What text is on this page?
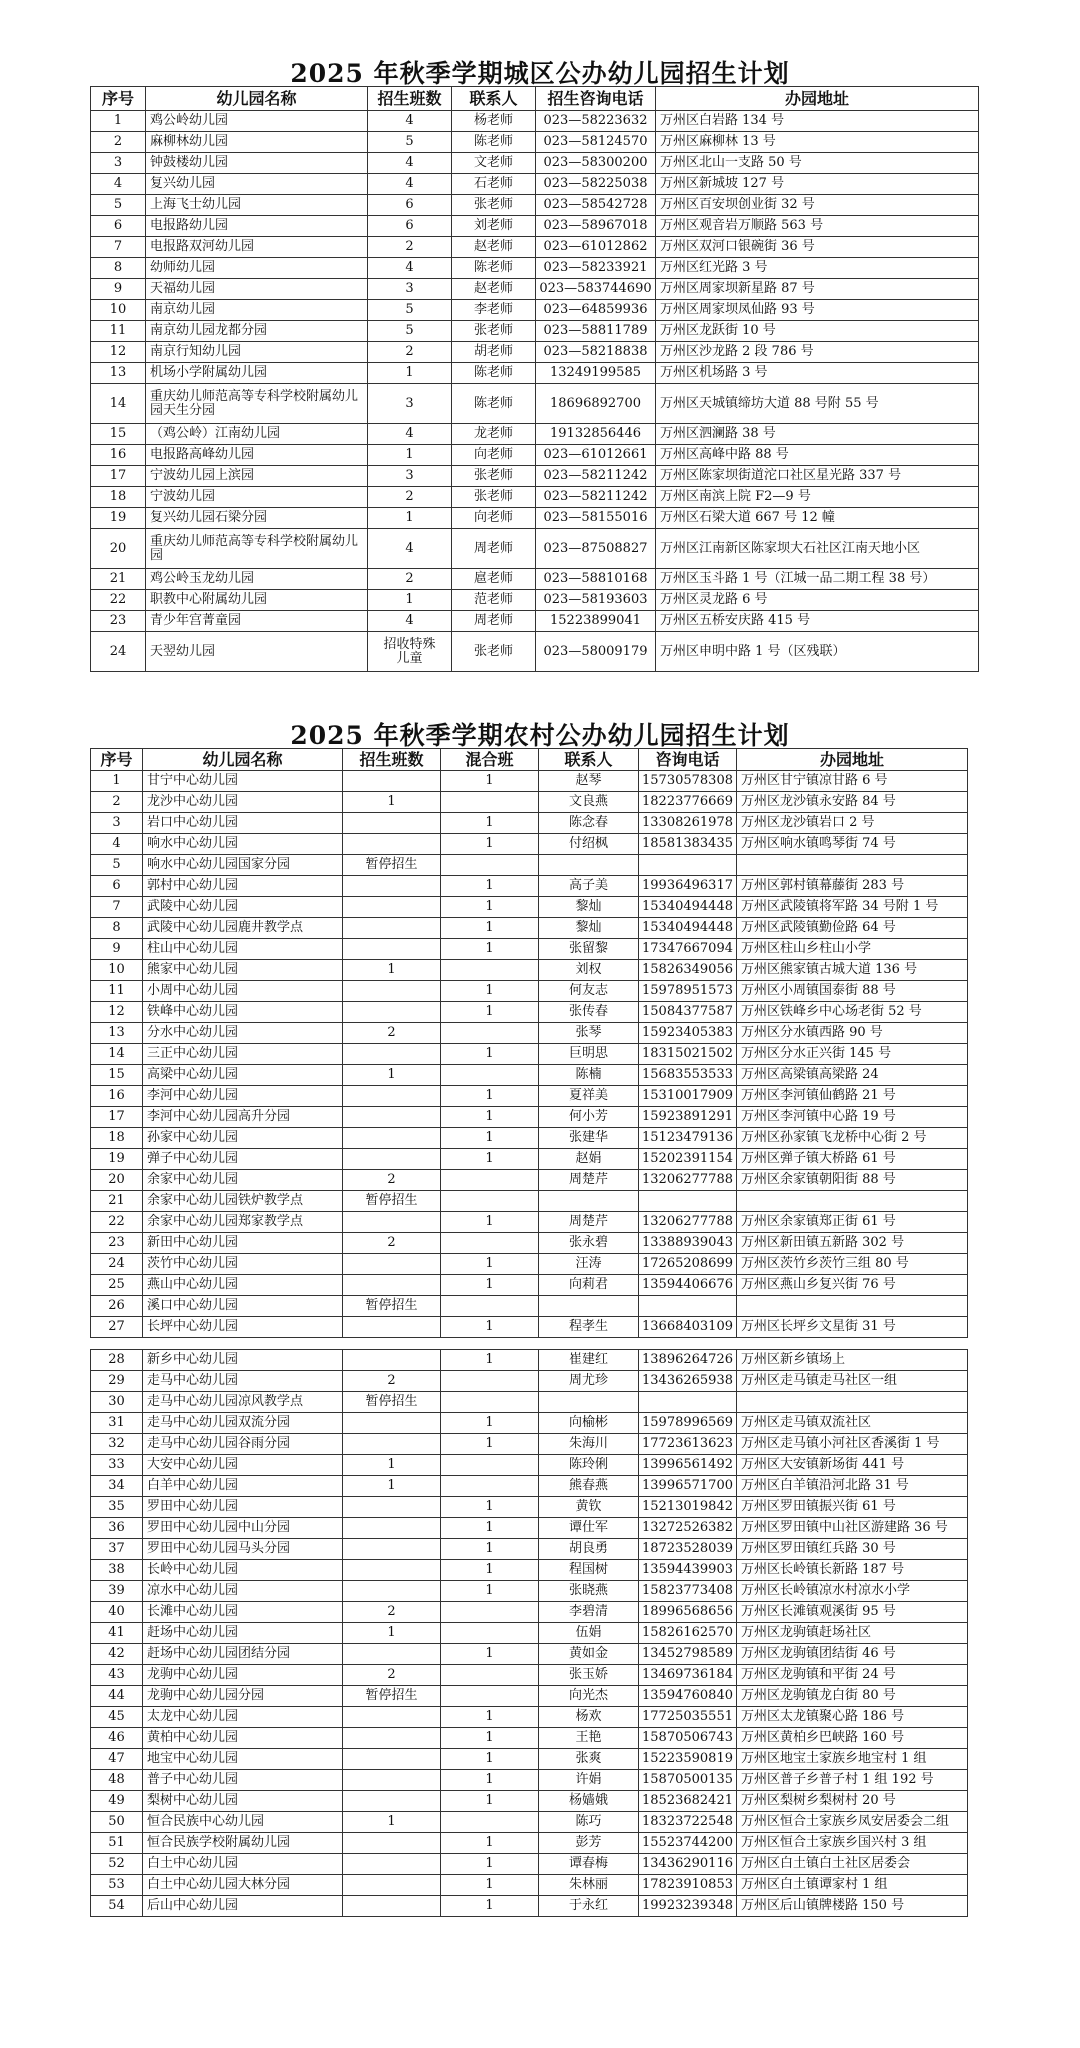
2025 年秋季学期城区公办幼儿园招生计划
序号	幼儿园名称	招生班数	联系人	招生咨询电话	办园地址
1	鸡公岭幼儿园	4	杨老师	023—58223632	万州区白岩路 134 号
2	麻柳林幼儿园	5	陈老师	023—58124570	万州区麻柳林 13 号
3	钟鼓楼幼儿园	4	文老师	023—58300200	万州区北山一支路 50 号
4	复兴幼儿园	4	石老师	023—58225038	万州区新城坡 127 号
5	上海飞士幼儿园	6	张老师	023—58542728	万州区百安坝创业街 32 号
6	电报路幼儿园	6	刘老师	023—58967018	万州区观音岩万顺路 563 号
7	电报路双河幼儿园	2	赵老师	023—61012862	万州区双河口银碗街 36 号
8	幼师幼儿园	4	陈老师	023—58233921	万州区红光路 3 号
9	天福幼儿园	3	赵老师	023—583744690	万州区周家坝新星路 87 号
10	南京幼儿园	5	李老师	023—64859936	万州区周家坝凤仙路 93 号
11	南京幼儿园龙都分园	5	张老师	023—58811789	万州区龙跃街 10 号
12	南京行知幼儿园	2	胡老师	023—58218838	万州区沙龙路 2 段 786 号
13	机场小学附属幼儿园	1	陈老师	13249199585	万州区机场路 3 号
14	重庆幼儿师范高等专科学校附属幼儿园天生分园	3	陈老师	18696892700	万州区天城镇缔坊大道 88 号附 55 号
15	（鸡公岭）江南幼儿园	4	龙老师	19132856446	万州区泗澜路 38 号
16	电报路高峰幼儿园	1	向老师	023—61012661	万州区高峰中路 88 号
17	宁波幼儿园上滨园	3	张老师	023—58211242	万州区陈家坝街道沱口社区星光路 337 号
18	宁波幼儿园	2	张老师	023—58211242	万州区南滨上院 F2—9 号
19	复兴幼儿园石梁分园	1	向老师	023—58155016	万州区石梁大道 667 号 12 幢
20	重庆幼儿师范高等专科学校附属幼儿园	4	周老师	023—87508827	万州区江南新区陈家坝大石社区江南天地小区
21	鸡公岭玉龙幼儿园	2	扈老师	023—58810168	万州区玉斗路 1 号（江城一品二期工程 38 号）
22	职教中心附属幼儿园	1	范老师	023—58193603	万州区灵龙路 6 号
23	青少年宫菁童园	4	周老师	15223899041	万州区五桥安庆路 415 号
24	天翌幼儿园	招收特殊儿童	张老师	023—58009179	万州区申明中路 1 号（区残联）
2025 年秋季学期农村公办幼儿园招生计划
序号	幼儿园名称	招生班数	混合班	联系人	咨询电话	办园地址
1	甘宁中心幼儿园		1	赵琴	15730578308	万州区甘宁镇凉甘路 6 号
2	龙沙中心幼儿园	1		文良燕	18223776669	万州区龙沙镇永安路 84 号
3	岩口中心幼儿园		1	陈念春	13308261978	万州区龙沙镇岩口 2 号
4	响水中心幼儿园		1	付绍枫	18581383435	万州区响水镇鸣琴街 74 号
5	响水中心幼儿园国家分园	暂停招生				
6	郭村中心幼儿园		1	高子美	19936496317	万州区郭村镇幕藤街 283 号
7	武陵中心幼儿园		1	黎灿	15340494448	万州区武陵镇将军路 34 号附 1 号
8	武陵中心幼儿园鹿井教学点		1	黎灿	15340494448	万州区武陵镇勤俭路 64 号
9	柱山中心幼儿园		1	张留黎	17347667094	万州区柱山乡柱山小学
10	熊家中心幼儿园	1		刘权	15826349056	万州区熊家镇古城大道 136 号
11	小周中心幼儿园		1	何友志	15978951573	万州区小周镇国泰街 88 号
12	铁峰中心幼儿园		1	张传春	15084377587	万州区铁峰乡中心场老街 52 号
13	分水中心幼儿园	2		张琴	15923405383	万州区分水镇西路 90 号
14	三正中心幼儿园		1	巨明思	18315021502	万州区分水正兴街 145 号
15	高梁中心幼儿园	1		陈楠	15683553533	万州区高梁镇高梁路 24
16	李河中心幼儿园		1	夏祥美	15310017909	万州区李河镇仙鹤路 21 号
17	李河中心幼儿园高升分园		1	何小芳	15923891291	万州区李河镇中心路 19 号
18	孙家中心幼儿园		1	张建华	15123479136	万州区孙家镇飞龙桥中心街 2 号
19	弹子中心幼儿园		1	赵娟	15202391154	万州区弹子镇大桥路 61 号
20	余家中心幼儿园	2		周楚芹	13206277788	万州区余家镇朝阳街 88 号
21	余家中心幼儿园铁炉教学点	暂停招生				
22	余家中心幼儿园郑家教学点		1	周楚芹	13206277788	万州区余家镇郑正街 61 号
23	新田中心幼儿园	2		张永碧	13388939043	万州区新田镇五新路 302 号
24	茨竹中心幼儿园		1	汪涛	17265208699	万州区茨竹乡茨竹三组 80 号
25	燕山中心幼儿园		1	向莉君	13594406676	万州区燕山乡复兴街 76 号
26	溪口中心幼儿园	暂停招生				
27	长坪中心幼儿园		1	程孝生	13668403109	万州区长坪乡文星街 31 号

28	新乡中心幼儿园		1	崔建红	13896264726	万州区新乡镇场上
29	走马中心幼儿园	2		周尤珍	13436265938	万州区走马镇走马社区一组
30	走马中心幼儿园凉风教学点	暂停招生				
31	走马中心幼儿园双流分园		1	向榆彬	15978996569	万州区走马镇双流社区
32	走马中心幼儿园谷雨分园		1	朱海川	17723613623	万州区走马镇小河社区香溪街 1 号
33	大安中心幼儿园	1		陈玲俐	13996561492	万州区大安镇新场街 441 号
34	白羊中心幼儿园	1		熊春燕	13996571700	万州区白羊镇沿河北路 31 号
35	罗田中心幼儿园		1	黄钦	15213019842	万州区罗田镇振兴街 61 号
36	罗田中心幼儿园中山分园		1	谭仕军	13272526382	万州区罗田镇中山社区游建路 36 号
37	罗田中心幼儿园马头分园		1	胡良勇	18723528039	万州区罗田镇红兵路 30 号
38	长岭中心幼儿园		1	程国树	13594439903	万州区长岭镇长新路 187 号
39	凉水中心幼儿园		1	张晓燕	15823773408	万州区长岭镇凉水村凉水小学
40	长滩中心幼儿园	2		李碧清	18996568656	万州区长滩镇观溪街 95 号
41	赶场中心幼儿园	1		伍娟	15826162570	万州区龙驹镇赶场社区
42	赶场中心幼儿园团结分园		1	黄如金	13452798589	万州区龙驹镇团结街 46 号
43	龙驹中心幼儿园	2		张玉娇	13469736184	万州区龙驹镇和平街 24 号
44	龙驹中心幼儿园分园	暂停招生		向光杰	13594760840	万州区龙驹镇龙白街 80 号
45	太龙中心幼儿园		1	杨欢	17725035551	万州区太龙镇聚心路 186 号
46	黄柏中心幼儿园		1	王艳	15870506743	万州区黄柏乡巴峡路 160 号
47	地宝中心幼儿园		1	张爽	15223590819	万州区地宝土家族乡地宝村 1 组
48	普子中心幼儿园		1	许娟	15870500135	万州区普子乡普子村 1 组 192 号
49	梨树中心幼儿园		1	杨嫱娥	18523682421	万州区梨树乡梨树村 20 号
50	恒合民族中心幼儿园	1		陈巧	18323722548	万州区恒合土家族乡凤安居委会二组
51	恒合民族学校附属幼儿园		1	彭芳	15523744200	万州区恒合土家族乡国兴村 3 组
52	白土中心幼儿园		1	谭春梅	13436290116	万州区白土镇白土社区居委会
53	白土中心幼儿园大林分园		1	朱林丽	17823910853	万州区白土镇谭家村 1 组
54	后山中心幼儿园		1	于永红	19923239348	万州区后山镇牌楼路 150 号
